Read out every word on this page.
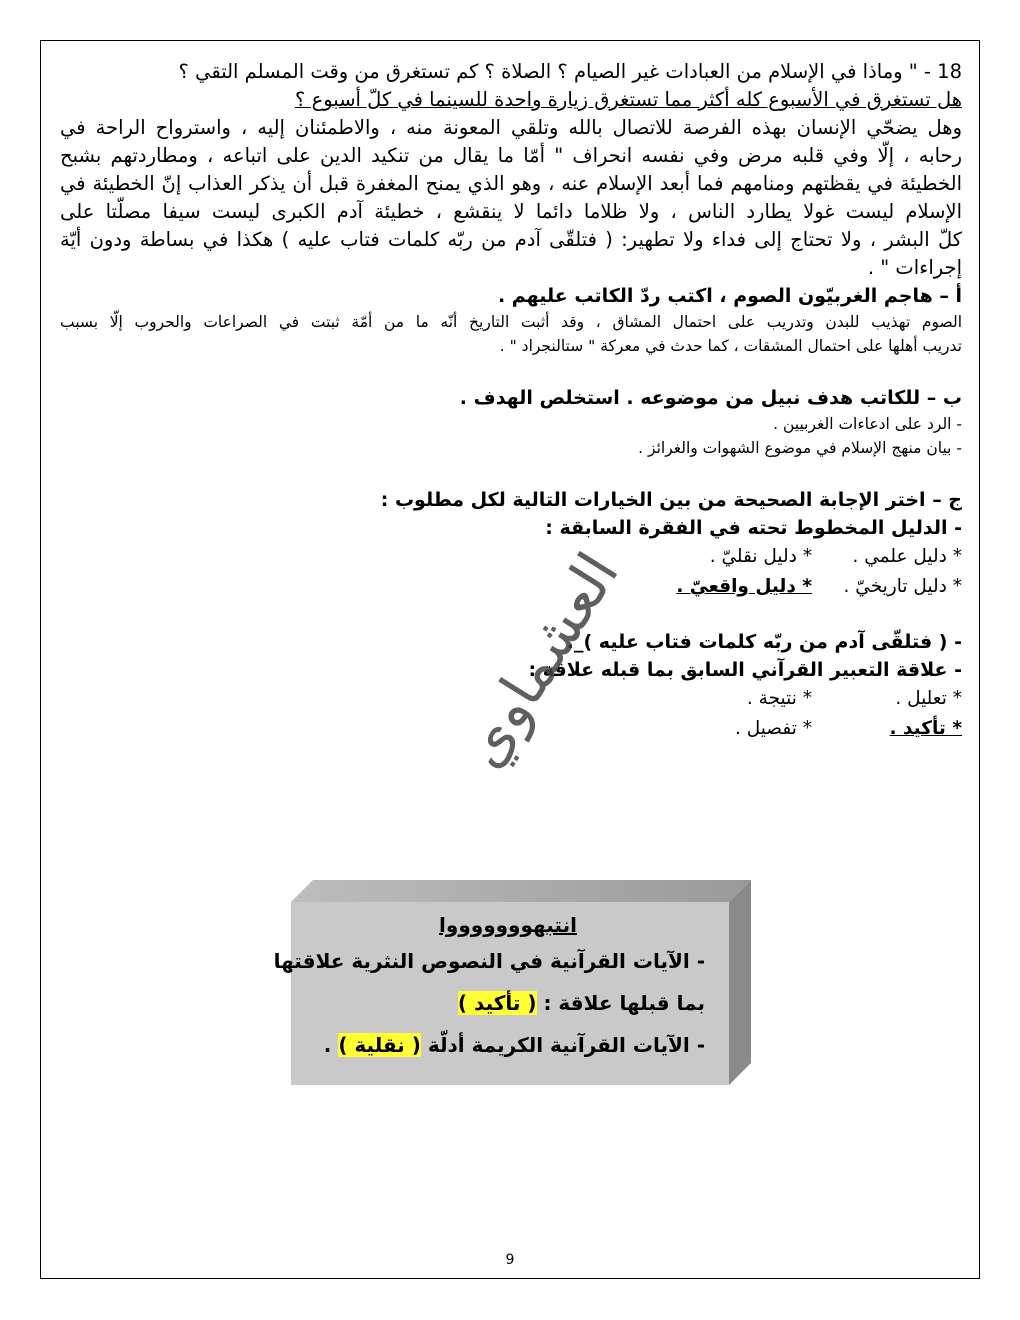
18 - " وماذا في الإسلام من العبادات غير الصيام ؟ الصلاة ؟ كم تستغرق من وقت المسلم التقي ؟
هل تستغرق في الأسبوع كله أكثر مما تستغرق زيارة واحدة للسينما في كلّ أسبوع ؟
وهل يضحّي الإنسان بهذه الفرصة للاتصال بالله وتلقي المعونة منه ، والاطمئنان إليه ، واسترواح الراحة في
رحابه ، إلّا وفي قلبه مرض وفي نفسه انحراف " أمّا ما يقال من تنكيد الدين على اتباعه ، ومطاردتهم بشبح
الخطيئة في يقظتهم ومنامهم فما أبعد الإسلام عنه ، وهو الذي يمنح المغفرة قبل أن يذكر العذاب إنّ الخطيئة في
الإسلام ليست غولا يطارد الناس ، ولا ظلاما دائما لا ينقشع ، خطيئة آدم الكبرى ليست سيفا مصلّتا على
كلّ البشر ، ولا تحتاج إلى فداء ولا تطهير: ( فتلقّى آدم من ربّه كلمات فتاب عليه ) هكذا في بساطة ودون أيّة
إجراءات " .
أ – هاجم الغربيّون الصوم ، اكتب ردّ الكاتب عليهم .
الصوم تهذيب للبدن وتدريب على احتمال المشاق ، وقد أثبت التاريخ أنّه ما من أمّة ثبتت في الصراعات والحروب إلّا بسبب
تدريب أهلها على احتمال المشقات ، كما حدث في معركة " ستالنجراد " .
ب – للكاتب هدف نبيل من موضوعه . استخلص الهدف .
- الرد على ادعاءات الغربيين .
- بيان منهج الإسلام في موضوع الشهوات والغرائز .
ج – اختر الإجابة الصحيحة من بين الخيارات التالية لكل مطلوب :
- الدليل المخطوط تحته في الفقرة السابقة :
* دليل علمي .* دليل نقليّ .
* دليل تاريخيّ .* دليل واقعيّ .
- ( فتلقّى آدم من ربّه كلمات فتاب عليه )_.
- علاقة التعبير القرآني السابق بما قبله علاقة :
* تعليل .* نتيجة .
* تأكيد .* تفصيل .
العشماوي
انتبهوووووووا
- الآيات القرآنية في النصوص النثرية علاقتها
بما قبلها علاقة : ( تأكيد )
- الآيات القرآنية الكريمة أدلّة ( نقلية ) .
9
